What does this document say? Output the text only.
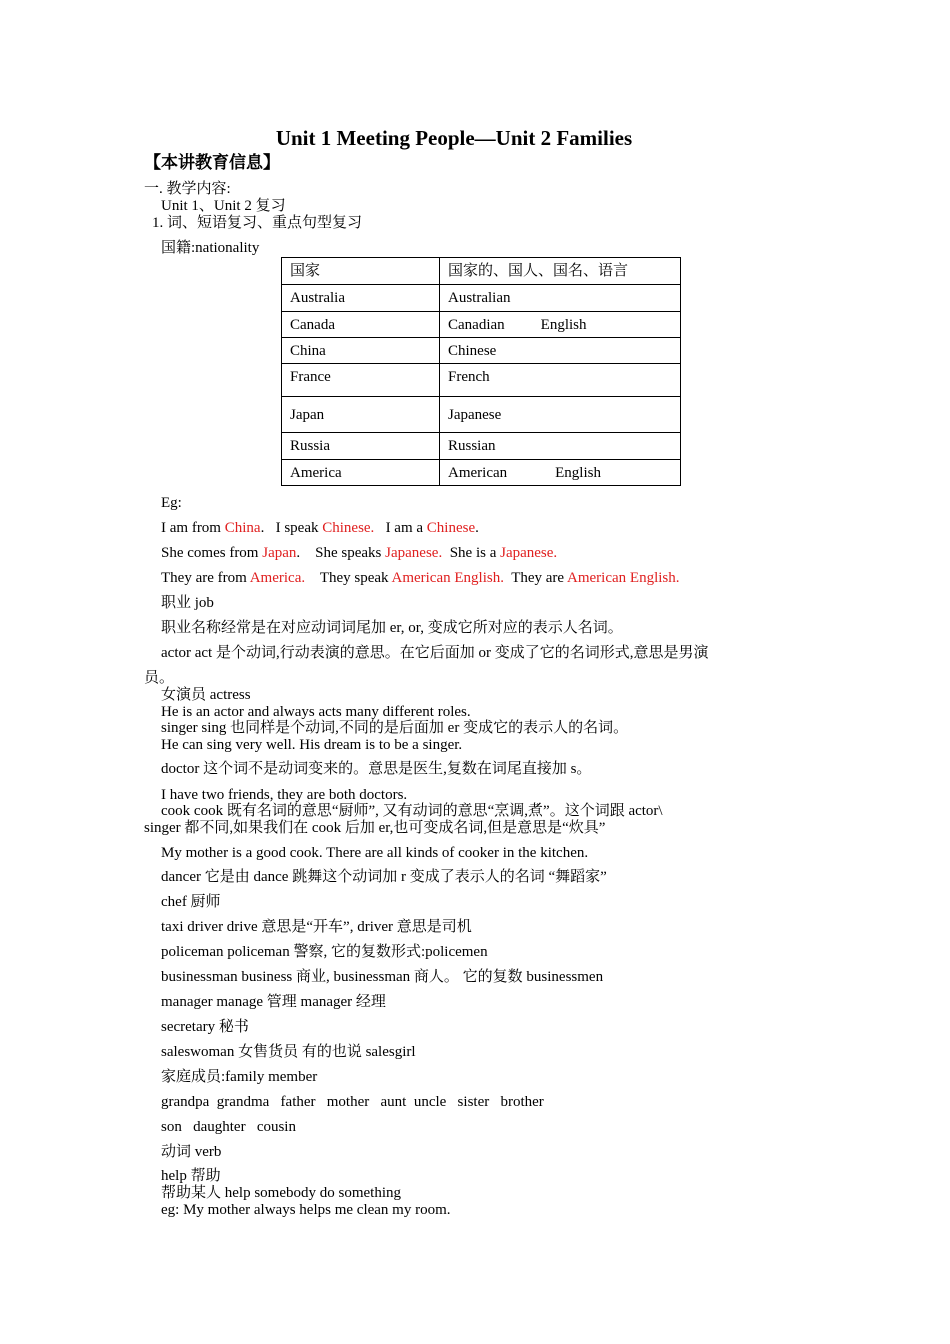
Unit 1 Meeting People—Unit 2 Families
【本讲教育信息】
一. 教学内容:
Unit 1、Unit 2 复习
1. 词、短语复习、重点句型复习
国籍:nationality
国家	国家的、国人、国名、语言
Australia	Australian
Canada	Canadian English
China	Chinese
France	French
Japan	Japanese
Russia	Russian
America	American English
Eg:
I am from China.   I speak Chinese.   I am a Chinese.
She comes from Japan.    She speaks Japanese.  She is a Japanese.
They are from America.    They speak American English.  They are American English.
职业 job
职业名称经常是在对应动词词尾加 er, or, 变成它所对应的表示人名词。
actor act 是个动词,行动表演的意思。在它后面加 or 变成了它的名词形式,意思是男演
员。
女演员 actress
He is an actor and always acts many different roles.
singer sing 也同样是个动词,不同的是后面加 er 变成它的表示人的名词。
He can sing very well. His dream is to be a singer.
doctor 这个词不是动词变来的。意思是医生,复数在词尾直接加 s。
I have two friends, they are both doctors.
cook cook 既有名词的意思“厨师”, 又有动词的意思“烹调,煮”。这个词跟 actor\
singer 都不同,如果我们在 cook 后加 er,也可变成名词,但是意思是“炊具”
My mother is a good cook. There are all kinds of cooker in the kitchen.
dancer 它是由 dance 跳舞这个动词加 r 变成了表示人的名词 “舞蹈家”
chef 厨师
taxi driver drive 意思是“开车”, driver 意思是司机
policeman policeman 警察, 它的复数形式:policemen
businessman business 商业, businessman 商人。 它的复数 businessmen
manager manage 管理 manager 经理
secretary 秘书
saleswoman 女售货员 有的也说 salesgirl
家庭成员:family member
grandpa  grandma   father   mother   aunt  uncle   sister   brother
son   daughter   cousin
动词 verb
help 帮助
帮助某人 help somebody do something
eg: My mother always helps me clean my room.
